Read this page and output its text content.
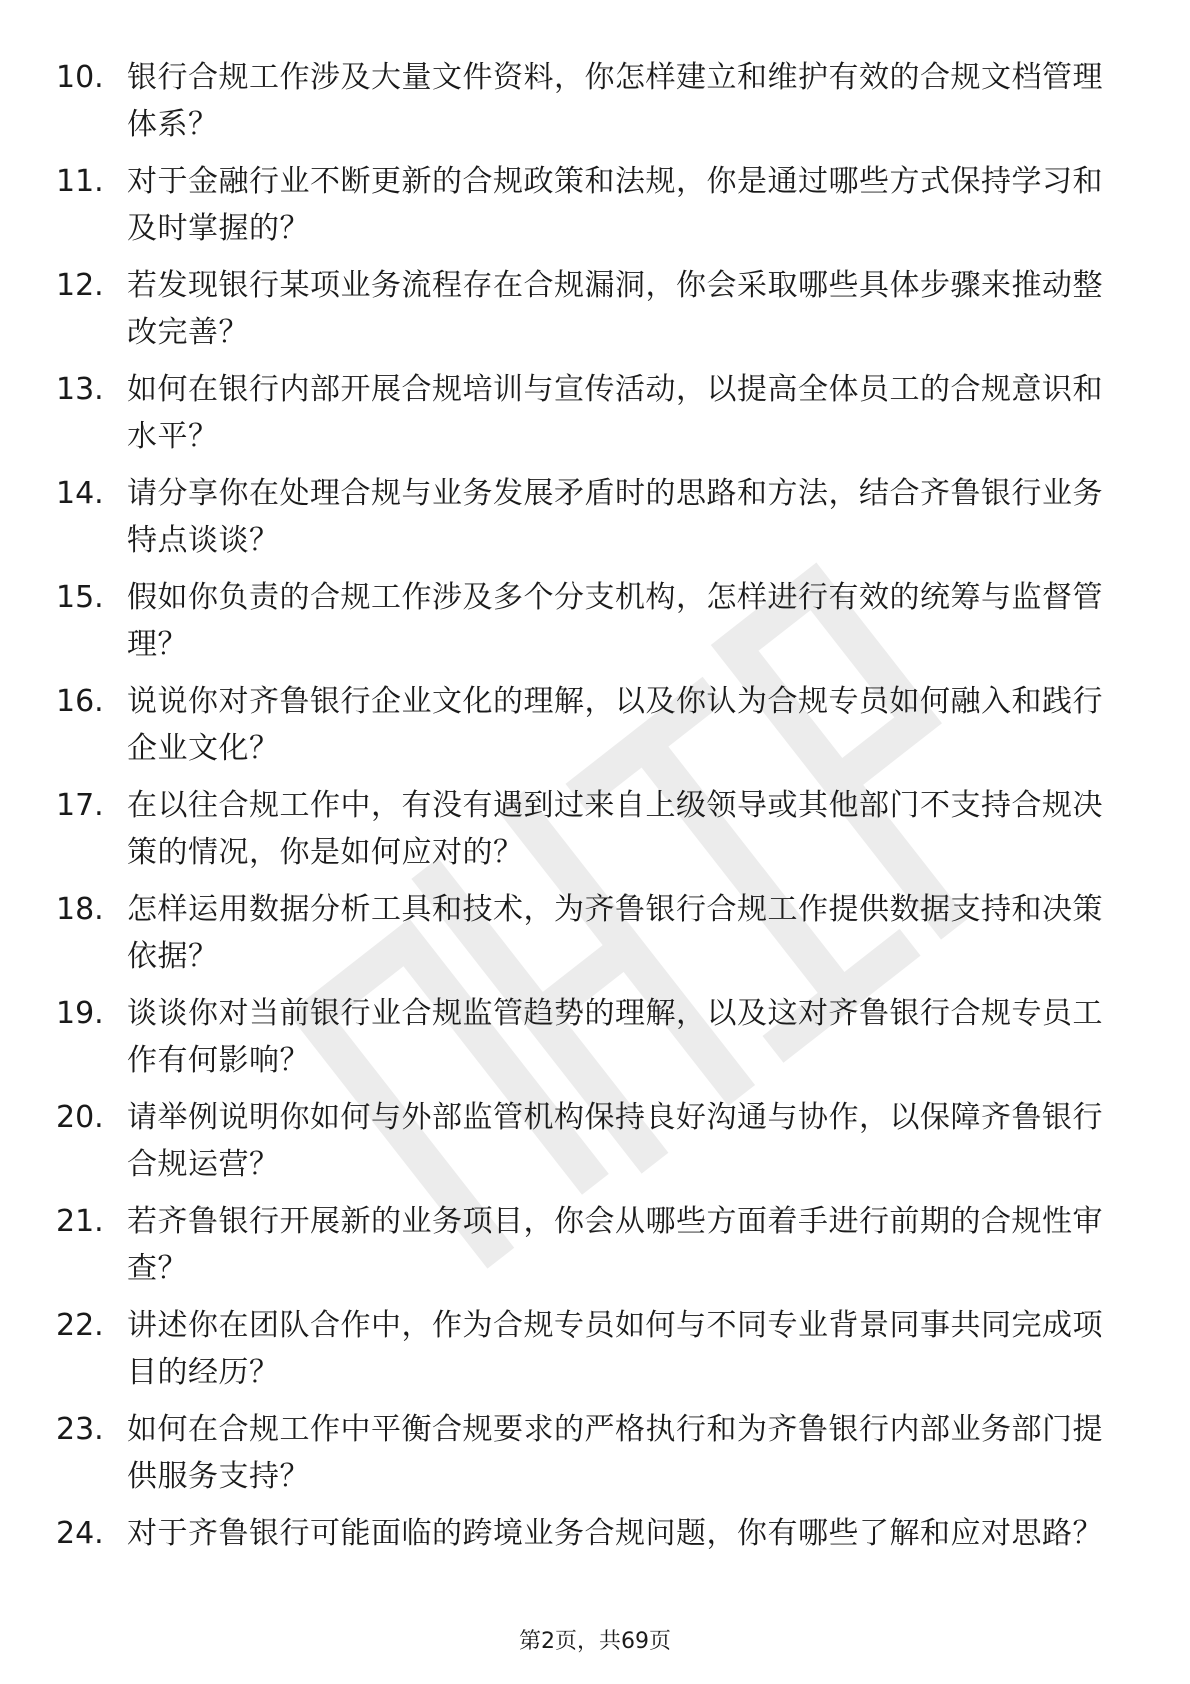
10. 银行合规工作涉及大量文件资料，你怎样建立和维护有效的合规文档管理体系？
11. 对于金融行业不断更新的合规政策和法规，你是通过哪些方式保持学习和及时掌握的？
12. 若发现银行某项业务流程存在合规漏洞，你会采取哪些具体步骤来推动整改完善？
13. 如何在银行内部开展合规培训与宣传活动，以提高全体员工的合规意识和水平？
14. 请分享你在处理合规与业务发展矛盾时的思路和方法，结合齐鲁银行业务特点谈谈？
15. 假如你负责的合规工作涉及多个分支机构，怎样进行有效的统筹与监督管理？
16. 说说你对齐鲁银行企业文化的理解，以及你认为合规专员如何融入和践行企业文化？
17. 在以往合规工作中，有没有遇到过来自上级领导或其他部门不支持合规决策的情况，你是如何应对的？
18. 怎样运用数据分析工具和技术，为齐鲁银行合规工作提供数据支持和决策依据？
19. 谈谈你对当前银行业合规监管趋势的理解，以及这对齐鲁银行合规专员工作有何影响？
20. 请举例说明你如何与外部监管机构保持良好沟通与协作，以保障齐鲁银行合规运营？
21. 若齐鲁银行开展新的业务项目，你会从哪些方面着手进行前期的合规性审查？
22. 讲述你在团队合作中，作为合规专员如何与不同专业背景同事共同完成项目的经历？
23. 如何在合规工作中平衡合规要求的严格执行和为齐鲁银行内部业务部门提供服务支持？
24. 对于齐鲁银行可能面临的跨境业务合规问题，你有哪些了解和应对思路？
第2页，共69页
